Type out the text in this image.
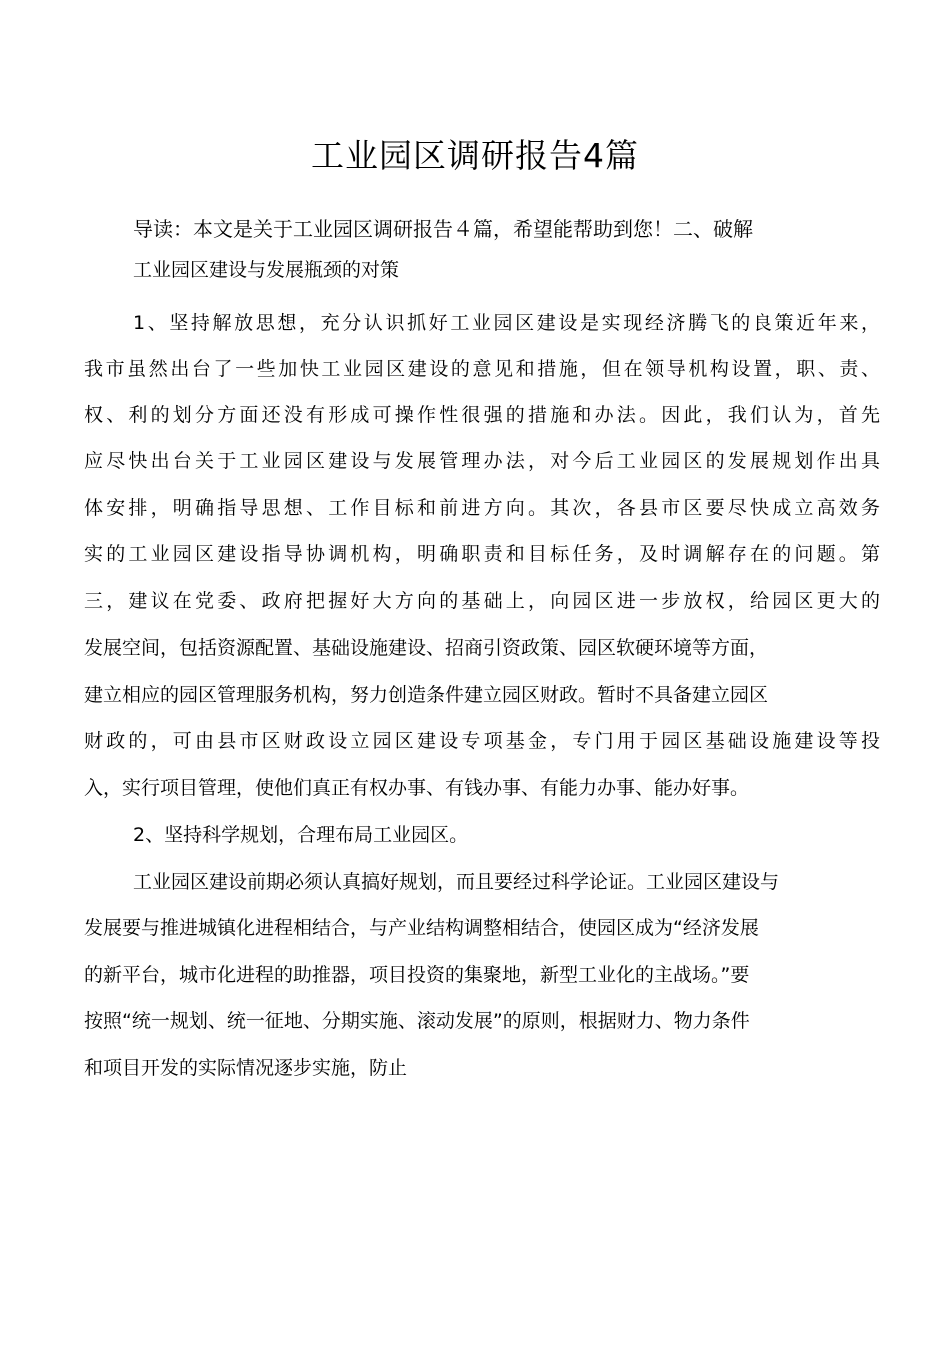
工业园区调研报告4篇
导读：本文是关于工业园区调研报告４篇，希望能帮助到您！二、破解
工业园区建设与发展瓶颈的对策
1、坚持解放思想，充分认识抓好工业园区建设是实现经济腾飞的良策近年来，
我市虽然出台了一些加快工业园区建设的意见和措施，但在领导机构设置，职、责、
权、利的划分方面还没有形成可操作性很强的措施和办法。因此，我们认为，首先
应尽快出台关于工业园区建设与发展管理办法，对今后工业园区的发展规划作出具
体安排，明确指导思想、工作目标和前进方向。其次，各县市区要尽快成立高效务
实的工业园区建设指导协调机构，明确职责和目标任务，及时调解存在的问题。第
三，建议在党委、政府把握好大方向的基础上，向园区进一步放权，给园区更大的
发展空间，包括资源配置、基础设施建设、招商引资政策、园区软硬环境等方面，
建立相应的园区管理服务机构，努力创造条件建立园区财政。暂时不具备建立园区
财政的，可由县市区财政设立园区建设专项基金，专门用于园区基础设施建设等投
入，实行项目管理，使他们真正有权办事、有钱办事、有能力办事、能办好事。
2、坚持科学规划，合理布局工业园区。
工业园区建设前期必须认真搞好规划，而且要经过科学论证。工业园区建设与
发展要与推进城镇化进程相结合，与产业结构调整相结合，使园区成为“经济发展
的新平台，城市化进程的助推器，项目投资的集聚地，新型工业化的主战场。”要
按照“统一规划、统一征地、分期实施、滚动发展”的原则，根据财力、物力条件
和项目开发的实际情况逐步实施，防止
